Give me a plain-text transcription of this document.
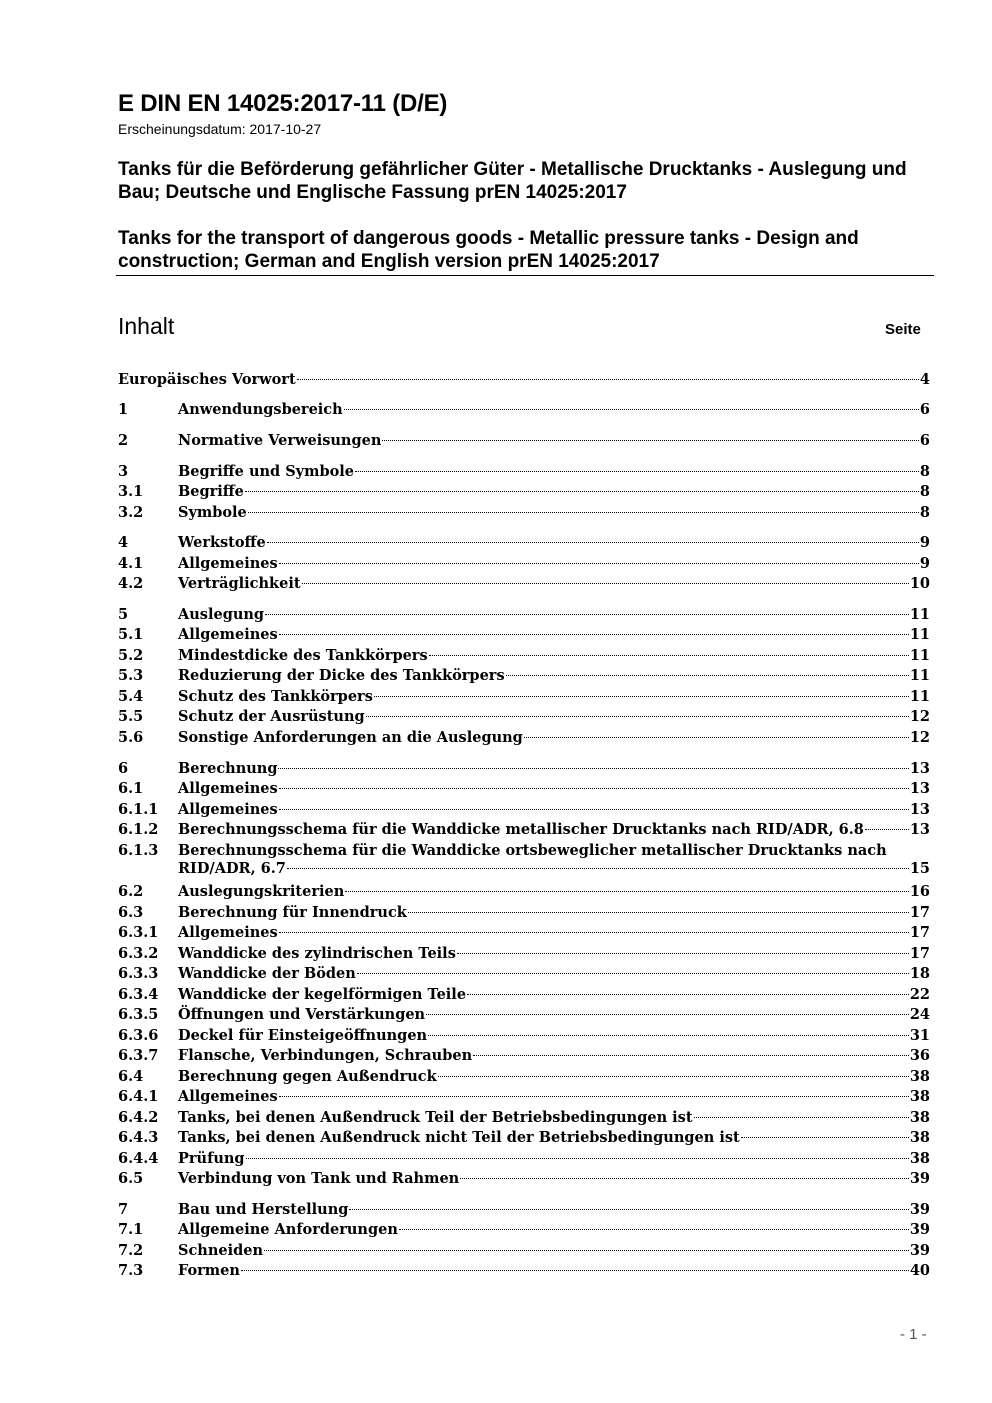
E DIN EN 14025:2017-11 (D/E)
Erscheinungsdatum: 2017-10-27
Tanks für die Beförderung gefährlicher Güter - Metallische Drucktanks - Auslegung und Bau; Deutsche und Englische Fassung prEN 14025:2017
Tanks for the transport of dangerous goods - Metallic pressure tanks - Design and construction; German and English version prEN 14025:2017
Inhalt	Seite
Europäisches Vorwort	4
1	Anwendungsbereich	6
2	Normative Verweisungen	6
3	Begriffe und Symbole	8
3.1 Begriffe	8
3.2 Symbole	8
4	Werkstoffe	9
4.1 Allgemeines	9
4.2 Verträglichkeit	10
5	Auslegung	11
5.1 Allgemeines	11
5.2 Mindestdicke des Tankkörpers	11
5.3 Reduzierung der Dicke des Tankkörpers	11
5.4 Schutz des Tankkörpers	11
5.5 Schutz der Ausrüstung	12
5.6 Sonstige Anforderungen an die Auslegung	12
6	Berechnung	13
6.1 Allgemeines	13
6.1.1 Allgemeines	13
6.1.2 Berechnungsschema für die Wanddicke metallischer Drucktanks nach RID/ADR, 6.8	13
6.1.3 Berechnungsschema für die Wanddicke ortsbeweglicher metallischer Drucktanks nach
RID/ADR, 6.7	15
6.2 Auslegungskriterien	16
6.3 Berechnung für Innendruck	17
6.3.1 Allgemeines	17
6.3.2 Wanddicke des zylindrischen Teils	17
6.3.3 Wanddicke der Böden	18
6.3.4 Wanddicke der kegelförmigen Teile	22
6.3.5 Öffnungen und Verstärkungen	24
6.3.6 Deckel für Einsteigeöffnungen	31
6.3.7 Flansche, Verbindungen, Schrauben	36
6.4 Berechnung gegen Außendruck	38
6.4.1 Allgemeines	38
6.4.2 Tanks, bei denen Außendruck Teil der Betriebsbedingungen ist	38
6.4.3 Tanks, bei denen Außendruck nicht Teil der Betriebsbedingungen ist	38
6.4.4 Prüfung	38
6.5 Verbindung von Tank und Rahmen	39
7	Bau und Herstellung	39
7.1 Allgemeine Anforderungen	39
7.2 Schneiden	39
7.3 Formen	40
- 1 -
